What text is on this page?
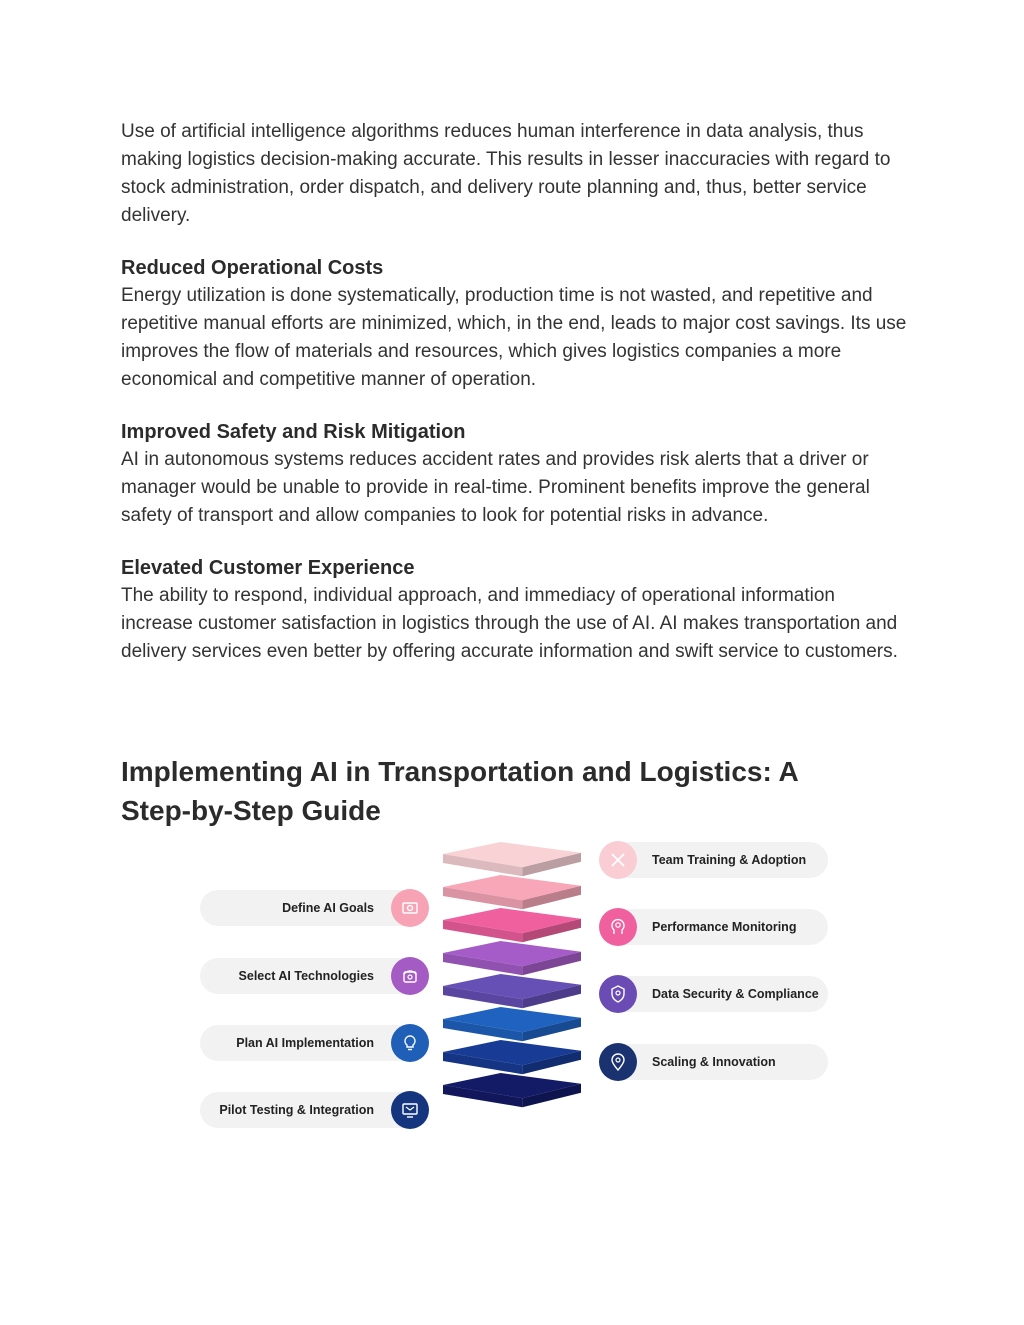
Use of artificial intelligence algorithms reduces human interference in data analysis, thus making logistics decision-making accurate. This results in lesser inaccuracies with regard to stock administration, order dispatch, and delivery route planning and, thus, better service delivery.

Reduced Operational Costs

Energy utilization is done systematically, production time is not wasted, and repetitive and repetitive manual efforts are minimized, which, in the end, leads to major cost savings. Its use improves the flow of materials and resources, which gives logistics companies a more economical and competitive manner of operation.

Improved Safety and Risk Mitigation

AI in autonomous systems reduces accident rates and provides risk alerts that a driver or manager would be unable to provide in real-time. Prominent benefits improve the general safety of transport and allow companies to look for potential risks in advance.

Elevated Customer Experience

The ability to respond, individual approach, and immediacy of operational information increase customer satisfaction in logistics through the use of AI. AI makes transportation and delivery services even better by offering accurate information and swift service to customers.

Implementing AI in Transportation and Logistics: A Step-by-Step Guide
Define AI Goals
Select AI Technologies
Plan AI Implementation
Pilot Testing & Integration
Team Training & Adoption
Performance Monitoring
Data Security & Compliance
Scaling & Innovation
